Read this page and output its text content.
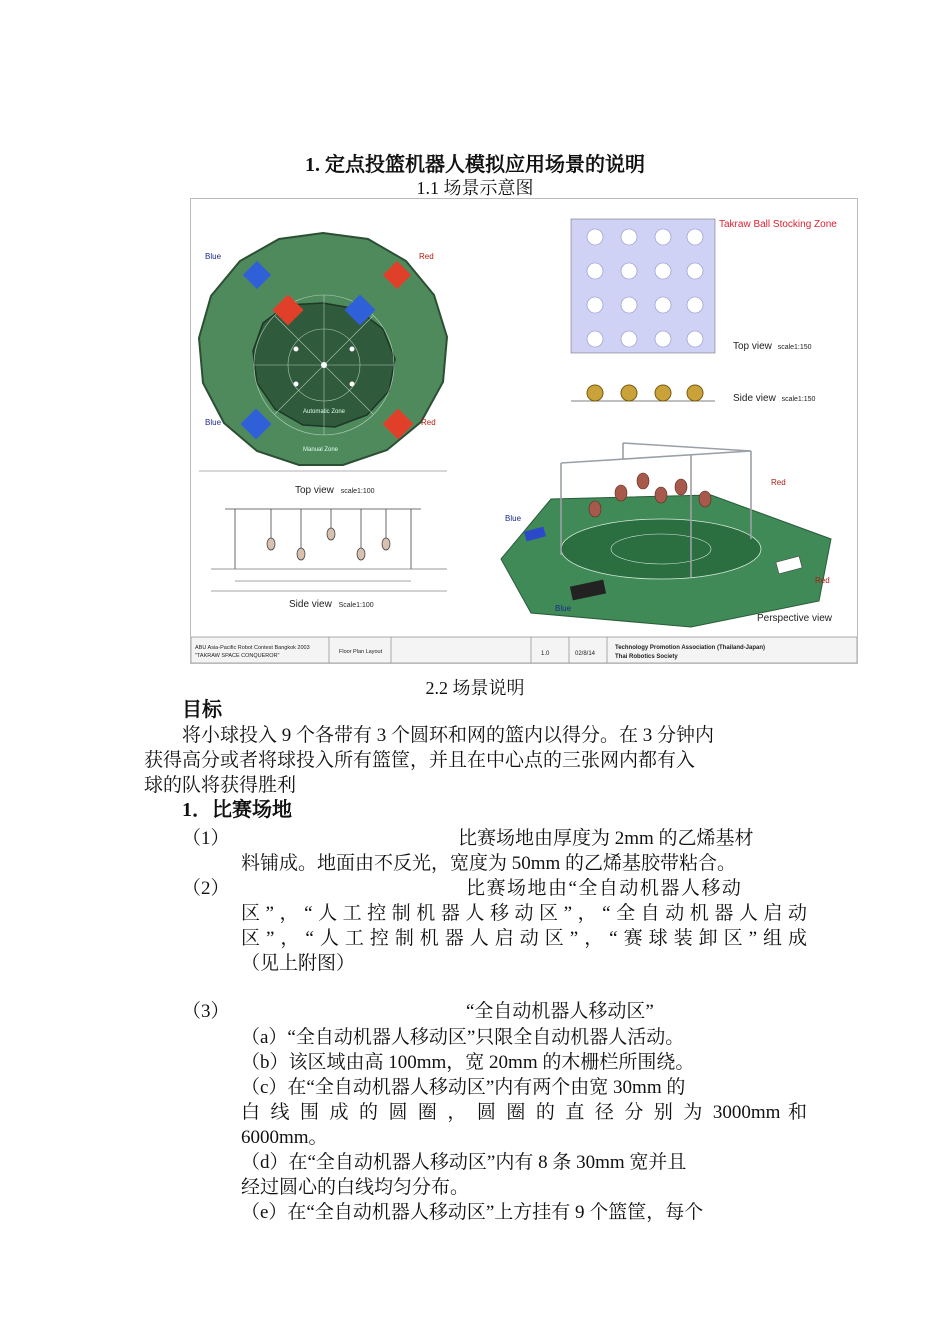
1. 定点投篮机器人模拟应用场景的说明
1.1 场景示意图
Blue	Red
Blue	Red
Automatic Zone
Manual Zone
Top view scale1:100
Side view Scale1:100
Takraw Ball Stocking Zone
Top view scale1:150
Side view scale1:150
Red
Blue
Red
Blue
Perspective view
ABU Asia-Pacific Robot Contest Bangkok 2003
"TAKRAW SPACE CONQUEROR"
Floor Plan Layout	1.0	02/8/14
Technology Promotion Association (Thailand-Japan)
Thai Robotics Society
2.2 场景说明
目标
将小球投入 9 个各带有 3 个圆环和网的篮内以得分。在 3 分钟内
获得高分或者将球投入所有篮筐，并且在中心点的三张网内都有入
球的队将获得胜利
1．比赛场地
（1）	比赛场地由厚度为 2mm 的乙烯基材
料铺成。地面由不反光，宽度为 50mm 的乙烯基胶带粘合。
（2）	比赛场地由“全自动机器人移动
区”，“人工控制机器人移动区”，“全自动机器人启动
区”，“人工控制机器人启动区”，“赛球装卸区”组成
（见上附图）
（3）	“全自动机器人移动区”
（a）“全自动机器人移动区”只限全自动机器人活动。
（b）该区域由高 100mm，宽 20mm 的木栅栏所围绕。
（c）在“全自动机器人移动区”内有两个由宽 30mm 的
白 线 围 成 的 圆 圈 ， 圆 圈 的 直 径 分 别 为 3000mm 和
6000mm。
（d）在“全自动机器人移动区”内有 8 条 30mm 宽并且
经过圆心的白线均匀分布。
（e）在“全自动机器人移动区”上方挂有 9 个篮筐，每个
